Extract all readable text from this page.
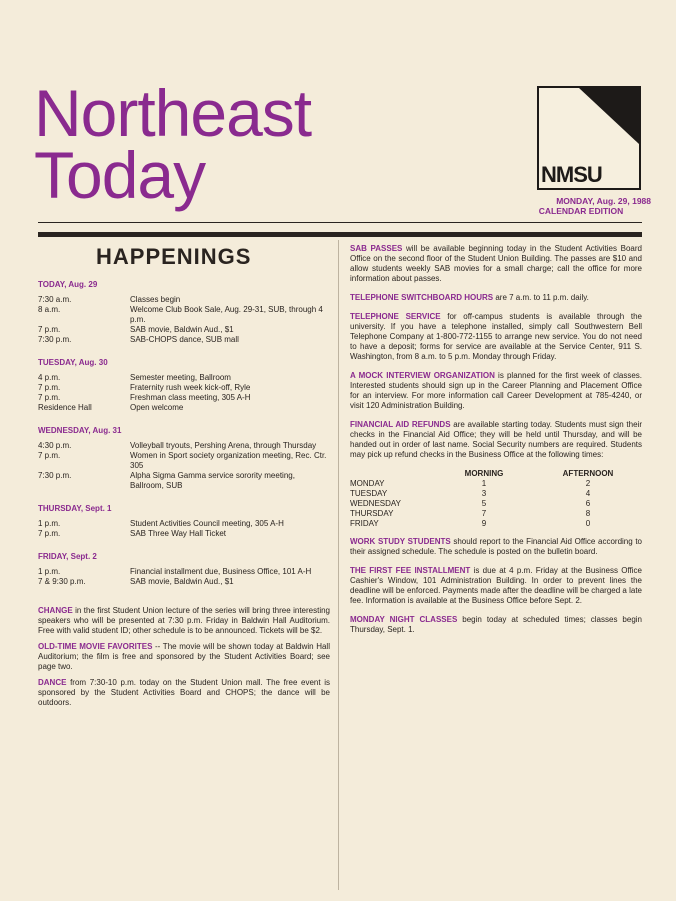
Northeast
Today	NMSU
MONDAY, Aug. 29, 1988
CALENDAR EDITION
HAPPENINGS
TODAY, Aug. 29
7:30 a.m.	Classes begin
8 a.m.	Welcome Club Book Sale, Aug. 29-31, SUB, through 4 p.m.
7 p.m.	SAB movie, Baldwin Aud., $1
7:30 p.m.	SAB-CHOPS dance, SUB mall
TUESDAY, Aug. 30
4 p.m.	Semester meeting, Ballroom
7 p.m.	Fraternity rush week kick-off, Ryle
7 p.m.	Freshman class meeting, 305 A-H
Residence Hall	Open welcome
WEDNESDAY, Aug. 31
4:30 p.m.	Volleyball tryouts, Pershing Arena, through Thursday
7 p.m.	Women in Sport society organization meeting, Rec. Ctr. 305
7:30 p.m.	Alpha Sigma Gamma service sorority meeting, Ballroom, SUB
THURSDAY, Sept. 1
1 p.m.	Student Activities Council meeting, 305 A-H
7 p.m.	SAB Three Way Hall Ticket
FRIDAY, Sept. 2
1 p.m.	Financial installment due, Business Office, 101 A-H
7 & 9:30 p.m.	SAB movie, Baldwin Aud., $1
CHANGE in the first Student Union lecture of the series will bring three interesting speakers who will be presented at 7:30 p.m. Friday in Baldwin Hall Auditorium. Free with valid student ID; other schedule is to be announced. Tickets will be $2.
OLD-TIME MOVIE FAVORITES -- The movie will be shown today at Baldwin Hall Auditorium; the film is free and sponsored by the Student Activities Board; see page two.
DANCE from 7:30-10 p.m. today on the Student Union mall. The free event is sponsored by the Student Activities Board and CHOPS; the dance will be outdoors.
SAB PASSES will be available beginning today in the Student Activities Board Office on the second floor of the Student Union Building. The passes are $10 and allow students weekly SAB movies for a small charge; call the office for more information about passes.
TELEPHONE SWITCHBOARD HOURS are 7 a.m. to 11 p.m. daily.
TELEPHONE SERVICE for off-campus students is available through the university. If you have a telephone installed, simply call Southwestern Bell Telephone Company at 1-800-772-1155 to arrange new service. You do not need to have a deposit; forms for service are available at the Service Center, 911 S. Washington, from 8 a.m. to 5 p.m. Monday through Friday.
A MOCK INTERVIEW ORGANIZATION is planned for the first week of classes. Interested students should sign up in the Career Planning and Placement Office for an interview. For more information call Career Development at 785-4240, or visit 120 Administration Building.
FINANCIAL AID REFUNDS are available starting today. Students must sign their checks in the Financial Aid Office; they will be held until Thursday, and will be handed out in order of last name. Social Security numbers are required. Students may pick up refund checks in the Business Office at the following times:
	MORNING	AFTERNOON
MONDAY	1	2
TUESDAY	3	4
WEDNESDAY	5	6
THURSDAY	7	8
FRIDAY	9	0
WORK STUDY STUDENTS should report to the Financial Aid Office according to their assigned schedule. The schedule is posted on the bulletin board.
THE FIRST FEE INSTALLMENT is due at 4 p.m. Friday at the Business Office Cashier's Window, 101 Administration Building. In order to prevent lines the deadline will be enforced. Payments made after the deadline will be charged a late fee. Information is available at the Business Office before Sept. 2.
MONDAY NIGHT CLASSES begin today at scheduled times; classes begin Thursday, Sept. 1.
